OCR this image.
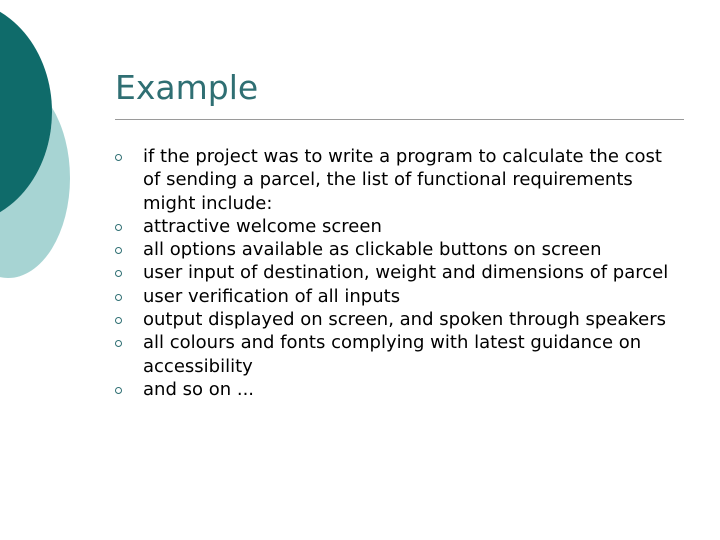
Example
if the project was to write a program to calculate the cost of sending a parcel, the list of functional requirements might include:
attractive welcome screen
all options available as clickable buttons on screen
user input of destination, weight and dimensions of parcel
user verification of all inputs
output displayed on screen, and spoken through speakers
all colours and fonts complying with latest guidance on accessibility
and so on ...
